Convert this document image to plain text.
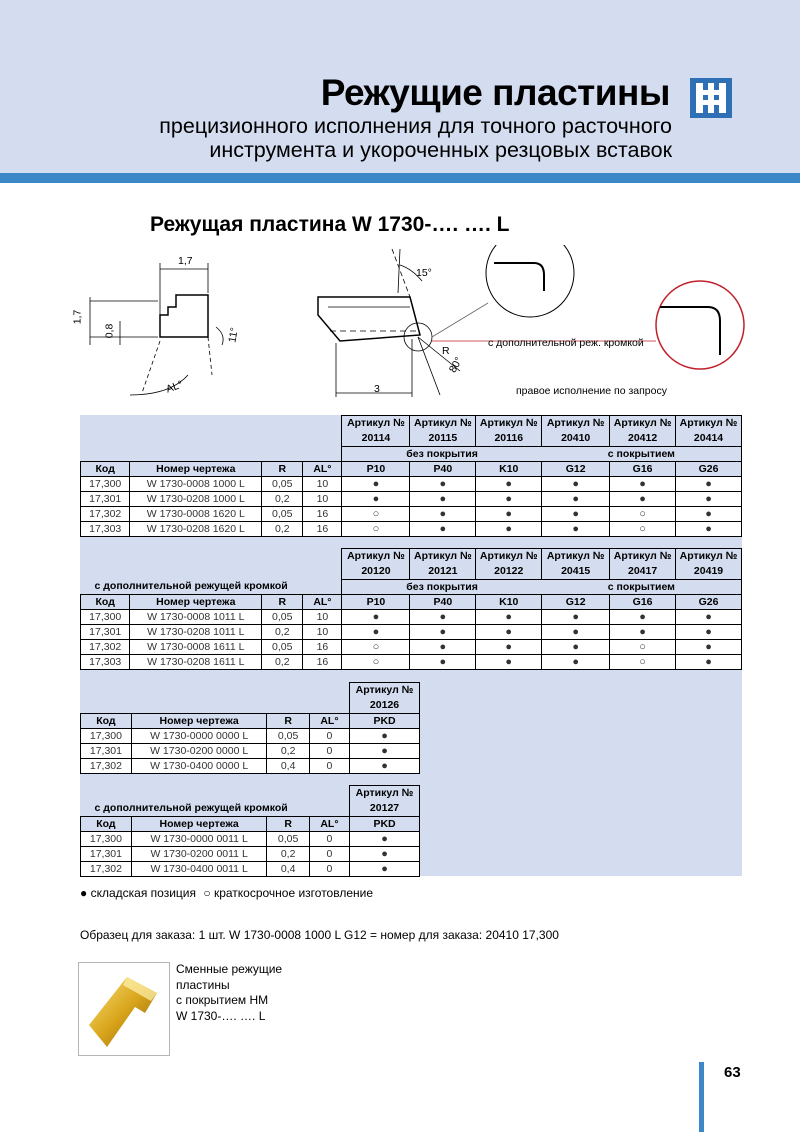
Режущие пластины
прецизионного исполнения для точного расточного
инструмента и укороченных резцовых вставок
Режущая пластина W 1730-…. …. L
1,7
1,7
0,8	11°
AL°
15°
3
R
80°
с дополнительной реж. кромкой
правое исполнение по запросу
				Артикул №	Артикул №	Артикул №	Артикул №	Артикул №	Артикул №
				20114	20115	20116	20410	20412	20414
				без покрытия			с покрытием		
Код	Номер чертежа	R	AL°	P10	P40	K10	G12	G16	G26
17,300	W 1730-0008 1000 L	0,05	10	●	●	●	●	●	●
17,301	W 1730-0208 1000 L	0,2	10	●	●	●	●	●	●
17,302	W 1730-0008 1620 L	0,05	16	○	●	●	●	○	●
17,303	W 1730-0208 1620 L	0,2	16	○	●	●	●	○	●
				Артикул №	Артикул №	Артикул №	Артикул №	Артикул №	Артикул №
				20120	20121	20122	20415	20417	20419
с дополнительной режущей кромкой				без покрытия			с покрытием		
Код	Номер чертежа	R	AL°	P10	P40	K10	G12	G16	G26
17,300	W 1730-0008 1011 L	0,05	10	●	●	●	●	●	●
17,301	W 1730-0208 1011 L	0,2	10	●	●	●	●	●	●
17,302	W 1730-0008 1611 L	0,05	16	○	●	●	●	○	●
17,303	W 1730-0208 1611 L	0,2	16	○	●	●	●	○	●
				Артикул №
				20126
Код	Номер чертежа	R	AL°	PKD
17,300	W 1730-0000 0000 L	0,05	0	●
17,301	W 1730-0200 0000 L	0,2	0	●
17,302	W 1730-0400 0000 L	0,4	0	●
				Артикул №
с дополнительной режущей кромкой				20127
Код	Номер чертежа	R	AL°	PKD
17,300	W 1730-0000 0011 L	0,05	0	●
17,301	W 1730-0200 0011 L	0,2	0	●
17,302	W 1730-0400 0011 L	0,4	0	●
● складская позиция ○ краткосрочное изготовление
Образец для заказа: 1 шт. W 1730-0008 1000 L G12 = номер для заказа: 20410 17,300
Сменные режущие
пластины
с покрытием HM
W 1730-…. …. L
63
